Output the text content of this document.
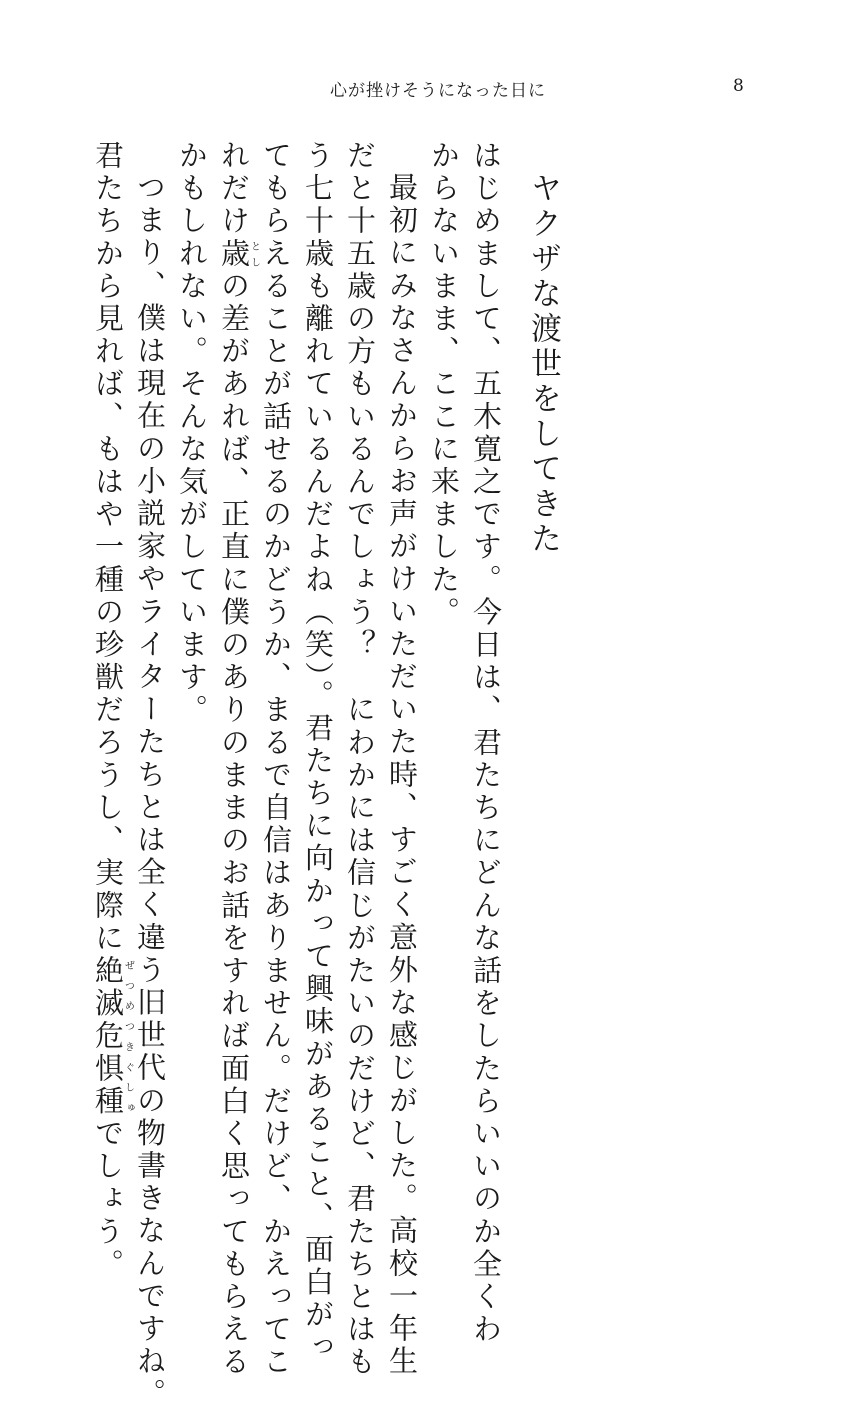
心が挫けそうになった日に	8
ヤクザな渡世をしてきた
はじめまして、五木寛之です。今日は、君たちにどんな話をしたらいいのか全くわ
からないまま、ここに来ました。
最初にみなさんからお声がけいただいた時、すごく意外な感じがした。高校一年生
だと十五歳の方もいるんでしょう？　にわかには信じがたいのだけど、君たちとはも
う七十歳も離れているんだよね（笑）。君たちに向かって興味があること、面白がっ
てもらえることが話せるのかどうか、まるで自信はありません。だけど、かえってこ
れだけ歳としの差があれば、正直に僕のありのままのお話をすれば面白く思ってもらえる
かもしれない。そんな気がしています。
つまり、僕は現在の小説家やライターたちとは全く違う旧世代の物書きなんですね。
君たちから見れば、もはや一種の珍獣だろうし、実際に絶滅危惧種ぜつめつきぐしゅでしょう。
